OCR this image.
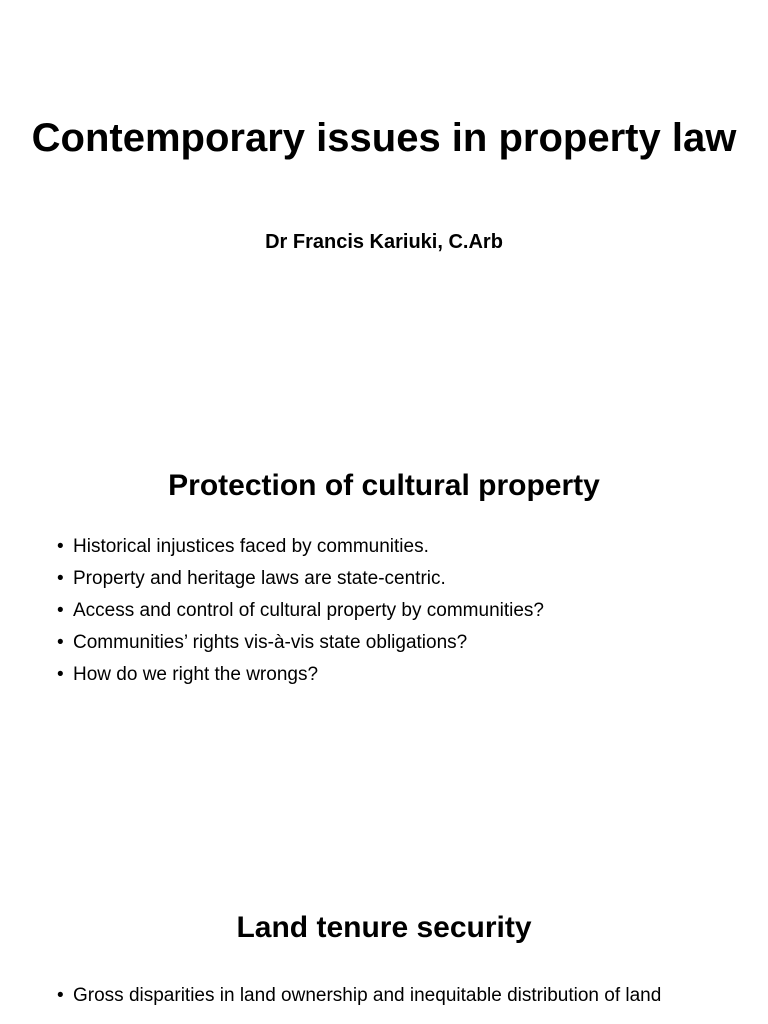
Contemporary issues in property law

Dr Francis Kariuki, C.Arb

Protection of cultural property
• Historical injustices faced by communities.
• Property and heritage laws are state-centric.
• Access and control of cultural property by communities?
• Communities’ rights vis-à-vis state obligations?
• How do we right the wrongs?
Land tenure security
• Gross disparities in land ownership and inequitable distribution of land
